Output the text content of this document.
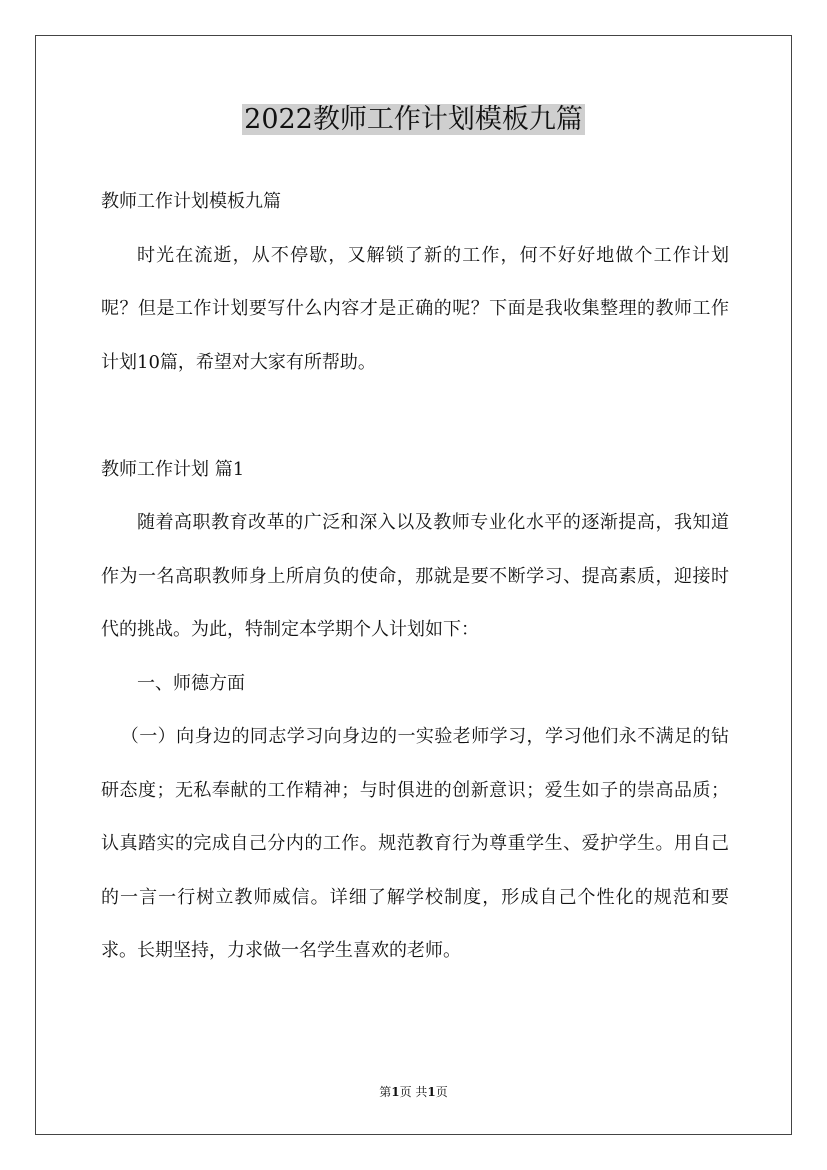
2022教师工作计划模板九篇

教师工作计划模板九篇

时光在流逝，从不停歇，又解锁了新的工作，何不好好地做个工作计划呢？但是工作计划要写什么内容才是正确的呢？下面是我收集整理的教师工作计划10篇，希望对大家有所帮助。

教师工作计划 篇1

随着高职教育改革的广泛和深入以及教师专业化水平的逐渐提高，我知道作为一名高职教师身上所肩负的使命，那就是要不断学习、提高素质，迎接时代的挑战。为此，特制定本学期个人计划如下：

一、师德方面

（一）向身边的同志学习向身边的一实验老师学习，学习他们永不满足的钻研态度；无私奉献的工作精神；与时俱进的创新意识；爱生如子的崇高品质；认真踏实的完成自己分内的工作。规范教育行为尊重学生、爱护学生。用自己的一言一行树立教师威信。详细了解学校制度，形成自己个性化的规范和要求。长期坚持，力求做一名学生喜欢的老师。

第1页 共1页
